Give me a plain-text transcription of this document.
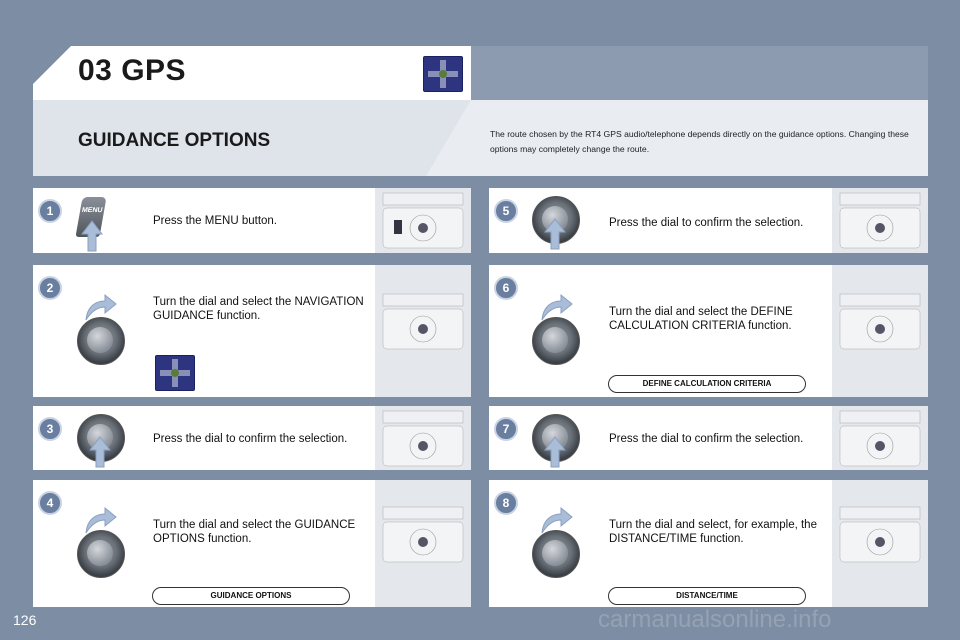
03 GPS
GUIDANCE OPTIONS	The route chosen by the RT4 GPS audio/telephone depends directly on the guidance options. Changing these options may completely change the route.
1	MENU
Press the MENU button.
2
Turn the dial and select the NAVIGATION GUIDANCE function.
3
Press the dial to confirm the selection.
4
Turn the dial and select the GUIDANCE OPTIONS function.
GUIDANCE OPTIONS
5
Press the dial to confirm the selection.
6
Turn the dial and select the DEFINE CALCULATION CRITERIA function.
DEFINE CALCULATION CRITERIA
7
Press the dial to confirm the selection.
8
Turn the dial and select, for example, the DISTANCE/TIME function.
DISTANCE/TIME
126	carmanualsonline.info
